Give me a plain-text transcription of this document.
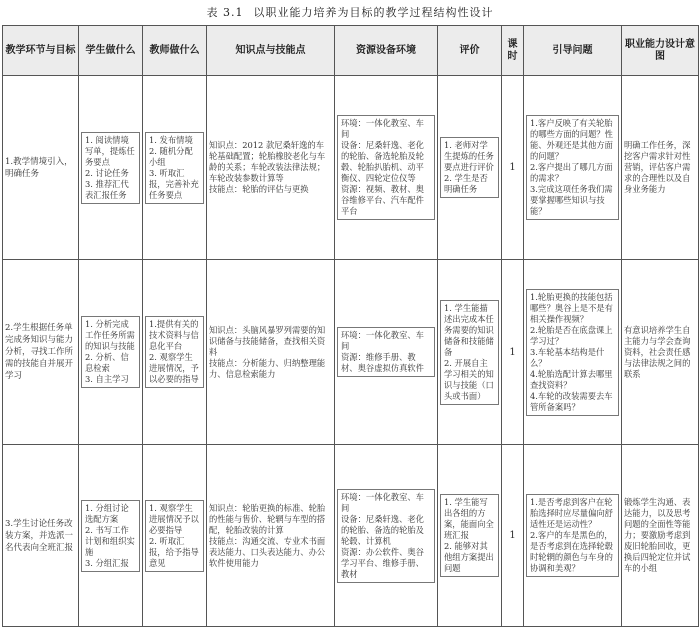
表 3.1 以职业能力培养为目标的教学过程结构性设计
教学环节与目标	学生做什么	教师做什么	知识点与技能点	资源设备环境	评价	课时	引导问题	职业能力设计意图

1.教学情境引入，明确任务	1. 阅读情境写单，提炼任务要点
2. 讨论任务
3. 推荐汇代表汇报任务	1. 发布情境
2. 随机分配小组
3. 听取汇报，完善补充任务要点	知识点：2012 款尼桑轩逸的车轮基础配置；轮胎橡胶老化与车龄的关系；车轮改装法律法规；车轮改装参数计算等
技能点：轮胎的评估与更换	环境：一体化教室、车间
设备：尼桑轩逸、老化的轮胎、备选轮胎及轮毂、轮胎扒胎机、动平衡仪、四轮定位仪等
资源：视频、教材、奥谷维修平台、汽车配件平台	1. 老师对学生提炼的任务要点进行评价
2. 学生是否明确任务	1	1.客户反映了有关轮胎的哪些方面的问题？性能、外观还是其他方面的问题？
2.客户提出了哪几方面的需求？
3.完成这项任务我们需要掌握哪些知识与技能？	明确工作任务，深挖客户需求针对性营销，评估客户需求的合理性以及自身业务能力

2.学生根据任务单完成务知识与能力分析，寻找工作所需的技能自并展开学习	1. 分析完成工作任务所需的知识与技能
2. 分析、信息检索
3. 自主学习	1.提供有关的技术资料与信息化平台
2. 观察学生进展情况，予以必要的指导	知识点：头脑风暴罗列需要的知识储备与技能储备，查找相关资料
技能点：分析能力、归纳整理能力、信息检索能力	环境：一体化教室、车间
资源：维修手册、教材、奥谷虚拟仿真软件	1. 学生能描述出完成本任务需要的知识储备和技能储备
2. 开展自主学习相关的知识与技能（口头或书面）	1	1.轮胎更换的技能包括哪些？奥谷上是不是有相关操作视频？
2.轮胎是否在底盘课上学习过？
3.车轮基本结构是什么？
4.轮胎选配计算去哪里查找资料？
4.车轮的改装需要去车管所备案吗？	有意识培养学生自主能力与学会查询资料，社会责任感与法律法规之间的联系

3.学生讨论任务改装方案，并选派一名代表向全班汇报	1. 分组讨论选配方案
2. 书写工作计划和组织实施
3. 分组汇报	1. 观察学生进展情况予以必要指导
2. 听取汇报，给予指导意见	知识点：轮胎更换的标准、轮胎的性能与售价、轮辋与车型的搭配，轮胎改装的计算
技能点：沟通交流、专业术书面表达能力、口头表达能力、办公软件使用能力	环境：一体化教室、车间
设备：尼桑轩逸、老化的轮胎、备选的轮胎及轮毂、计算机
资源：办公软件、奥谷学习平台、维修手册、教材	1. 学生能写出各组的方案，能面向全班汇报
2. 能够对其他组方案提出问题	1	1.是否考虑到客户在轮胎选择时应尽量偏向舒适性还是运动性？
2.客户的车是黑色的，是否考虑到在选择轮毂时轮辋的颜色与车身的协调和美观？	锻炼学生沟通、表达能力，以及思考问题的全面性等能力；要激励考虑到废旧轮胎回收，更换后四轮定位并试车的小组
